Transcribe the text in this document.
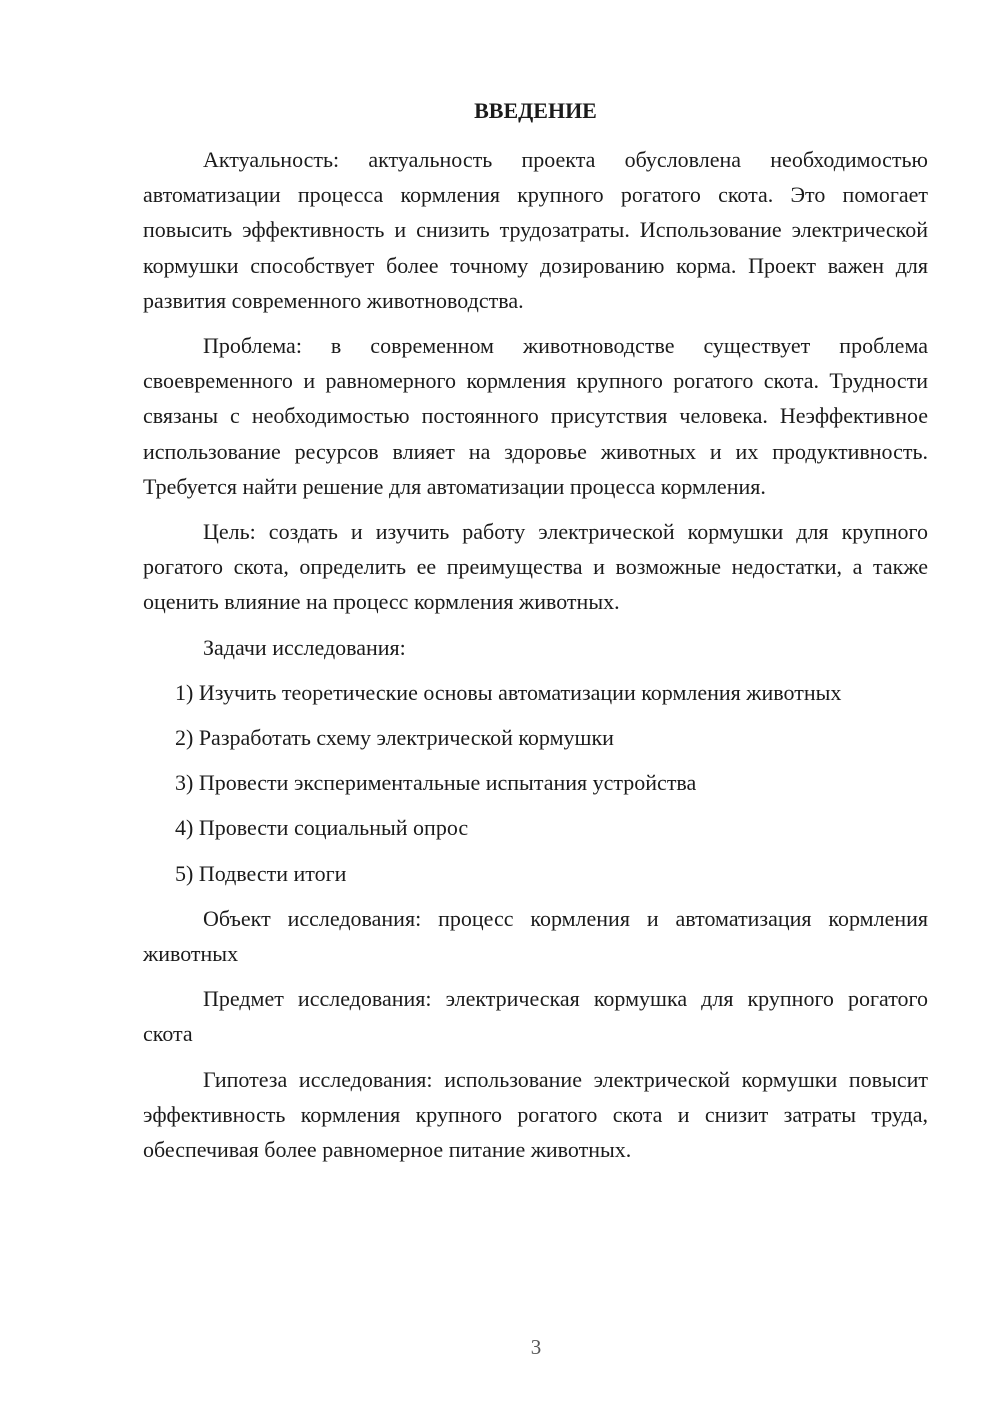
ВВЕДЕНИЕ

Актуальность: актуальность проекта обусловлена необходимостью автоматизации процесса кормления крупного рогатого скота. Это помогает повысить эффективность и снизить трудозатраты. Использование электрической кормушки способствует более точному дозированию корма. Проект важен для развития современного животноводства.

Проблема: в современном животноводстве существует проблема своевременного и равномерного кормления крупного рогатого скота. Трудности связаны с необходимостью постоянного присутствия человека. Неэффективное использование ресурсов влияет на здоровье животных и их продуктивность. Требуется найти решение для автоматизации процесса кормления.

Цель: создать и изучить работу электрической кормушки для крупного рогатого скота, определить ее преимущества и возможные недостатки, а также оценить влияние на процесс кормления животных.

Задачи исследования:

1) Изучить теоретические основы автоматизации кормления животных

2) Разработать схему электрической кормушки

3) Провести экспериментальные испытания устройства

4) Провести социальный опрос

5) Подвести итоги

Объект исследования: процесс кормления и автоматизация кормления животных

Предмет исследования: электрическая кормушка для крупного рогатого скота

Гипотеза исследования: использование электрической кормушки повысит эффективность кормления крупного рогатого скота и снизит затраты труда, обеспечивая более равномерное питание животных.

3
